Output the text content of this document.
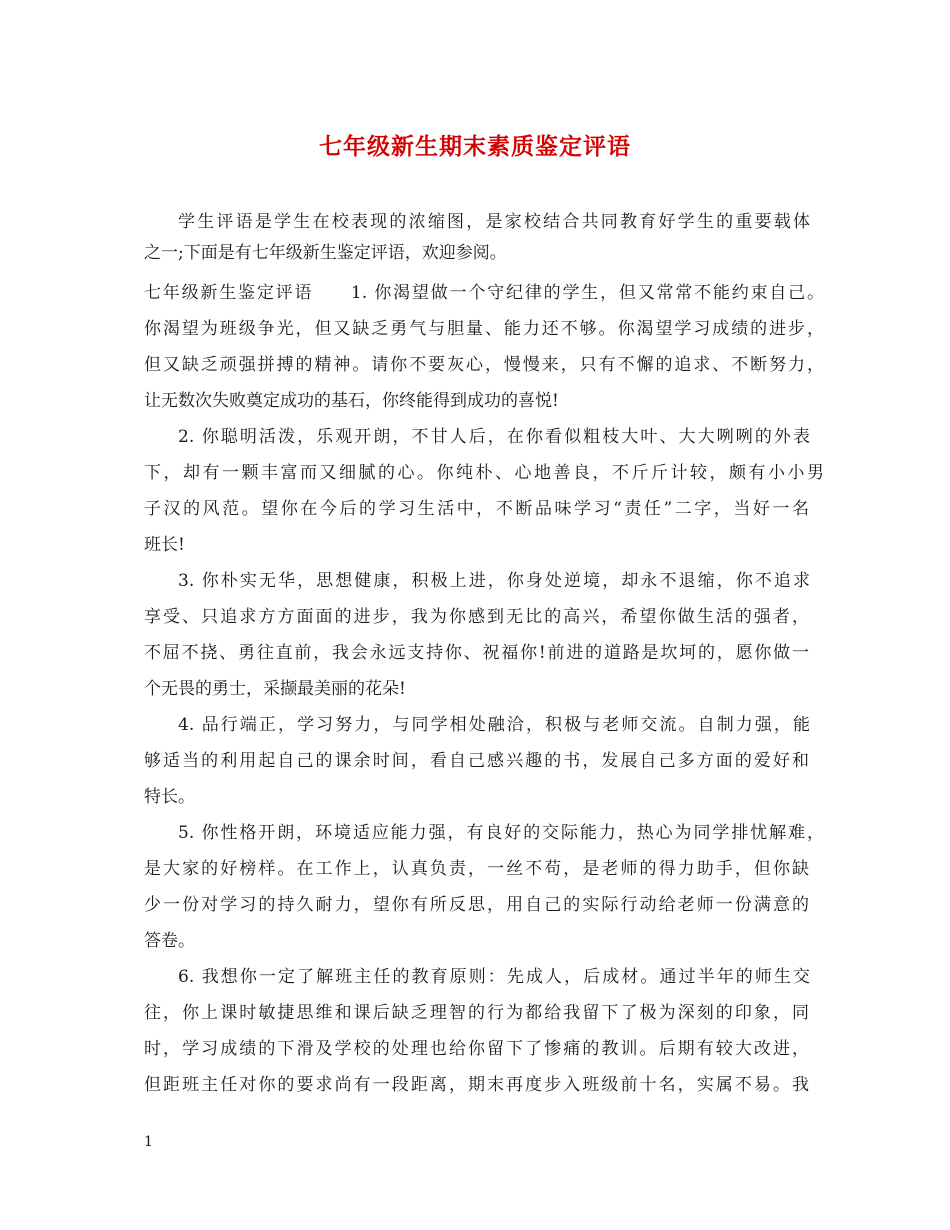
七年级新生期末素质鉴定评语

学生评语是学生在校表现的浓缩图，是家校结合共同教育好学生的重要载体

之一;下面是有七年级新生鉴定评语，欢迎参阅。

七年级新生鉴定评语　　1. 你渴望做一个守纪律的学生，但又常常不能约束自己。

你渴望为班级争光，但又缺乏勇气与胆量、能力还不够。你渴望学习成绩的进步，

但又缺乏顽强拼搏的精神。请你不要灰心，慢慢来，只有不懈的追求、不断努力，

让无数次失败奠定成功的基石，你终能得到成功的喜悦!

2. 你聪明活泼，乐观开朗，不甘人后，在你看似粗枝大叶、大大咧咧的外表

下，却有一颗丰富而又细腻的心。你纯朴、心地善良，不斤斤计较，颇有小小男

子汉的风范。望你在今后的学习生活中，不断品味学习“责任”二字，当好一名

班长!

3. 你朴实无华，思想健康，积极上进，你身处逆境，却永不退缩，你不追求

享受、只追求方方面面的进步，我为你感到无比的高兴，希望你做生活的强者，

不屈不挠、勇往直前，我会永远支持你、祝福你!前进的道路是坎坷的，愿你做一

个无畏的勇士，采撷最美丽的花朵!

4. 品行端正，学习努力，与同学相处融洽，积极与老师交流。自制力强，能

够适当的利用起自己的课余时间，看自己感兴趣的书，发展自己多方面的爱好和

特长。

5. 你性格开朗，环境适应能力强，有良好的交际能力，热心为同学排忧解难，

是大家的好榜样。在工作上，认真负责，一丝不苟，是老师的得力助手，但你缺

少一份对学习的持久耐力，望你有所反思，用自己的实际行动给老师一份满意的

答卷。

6. 我想你一定了解班主任的教育原则：先成人，后成材。通过半年的师生交

往，你上课时敏捷思维和课后缺乏理智的行为都给我留下了极为深刻的印象，同

时，学习成绩的下滑及学校的处理也给你留下了惨痛的教训。后期有较大改进，

但距班主任对你的要求尚有一段距离，期末再度步入班级前十名，实属不易。我

1
